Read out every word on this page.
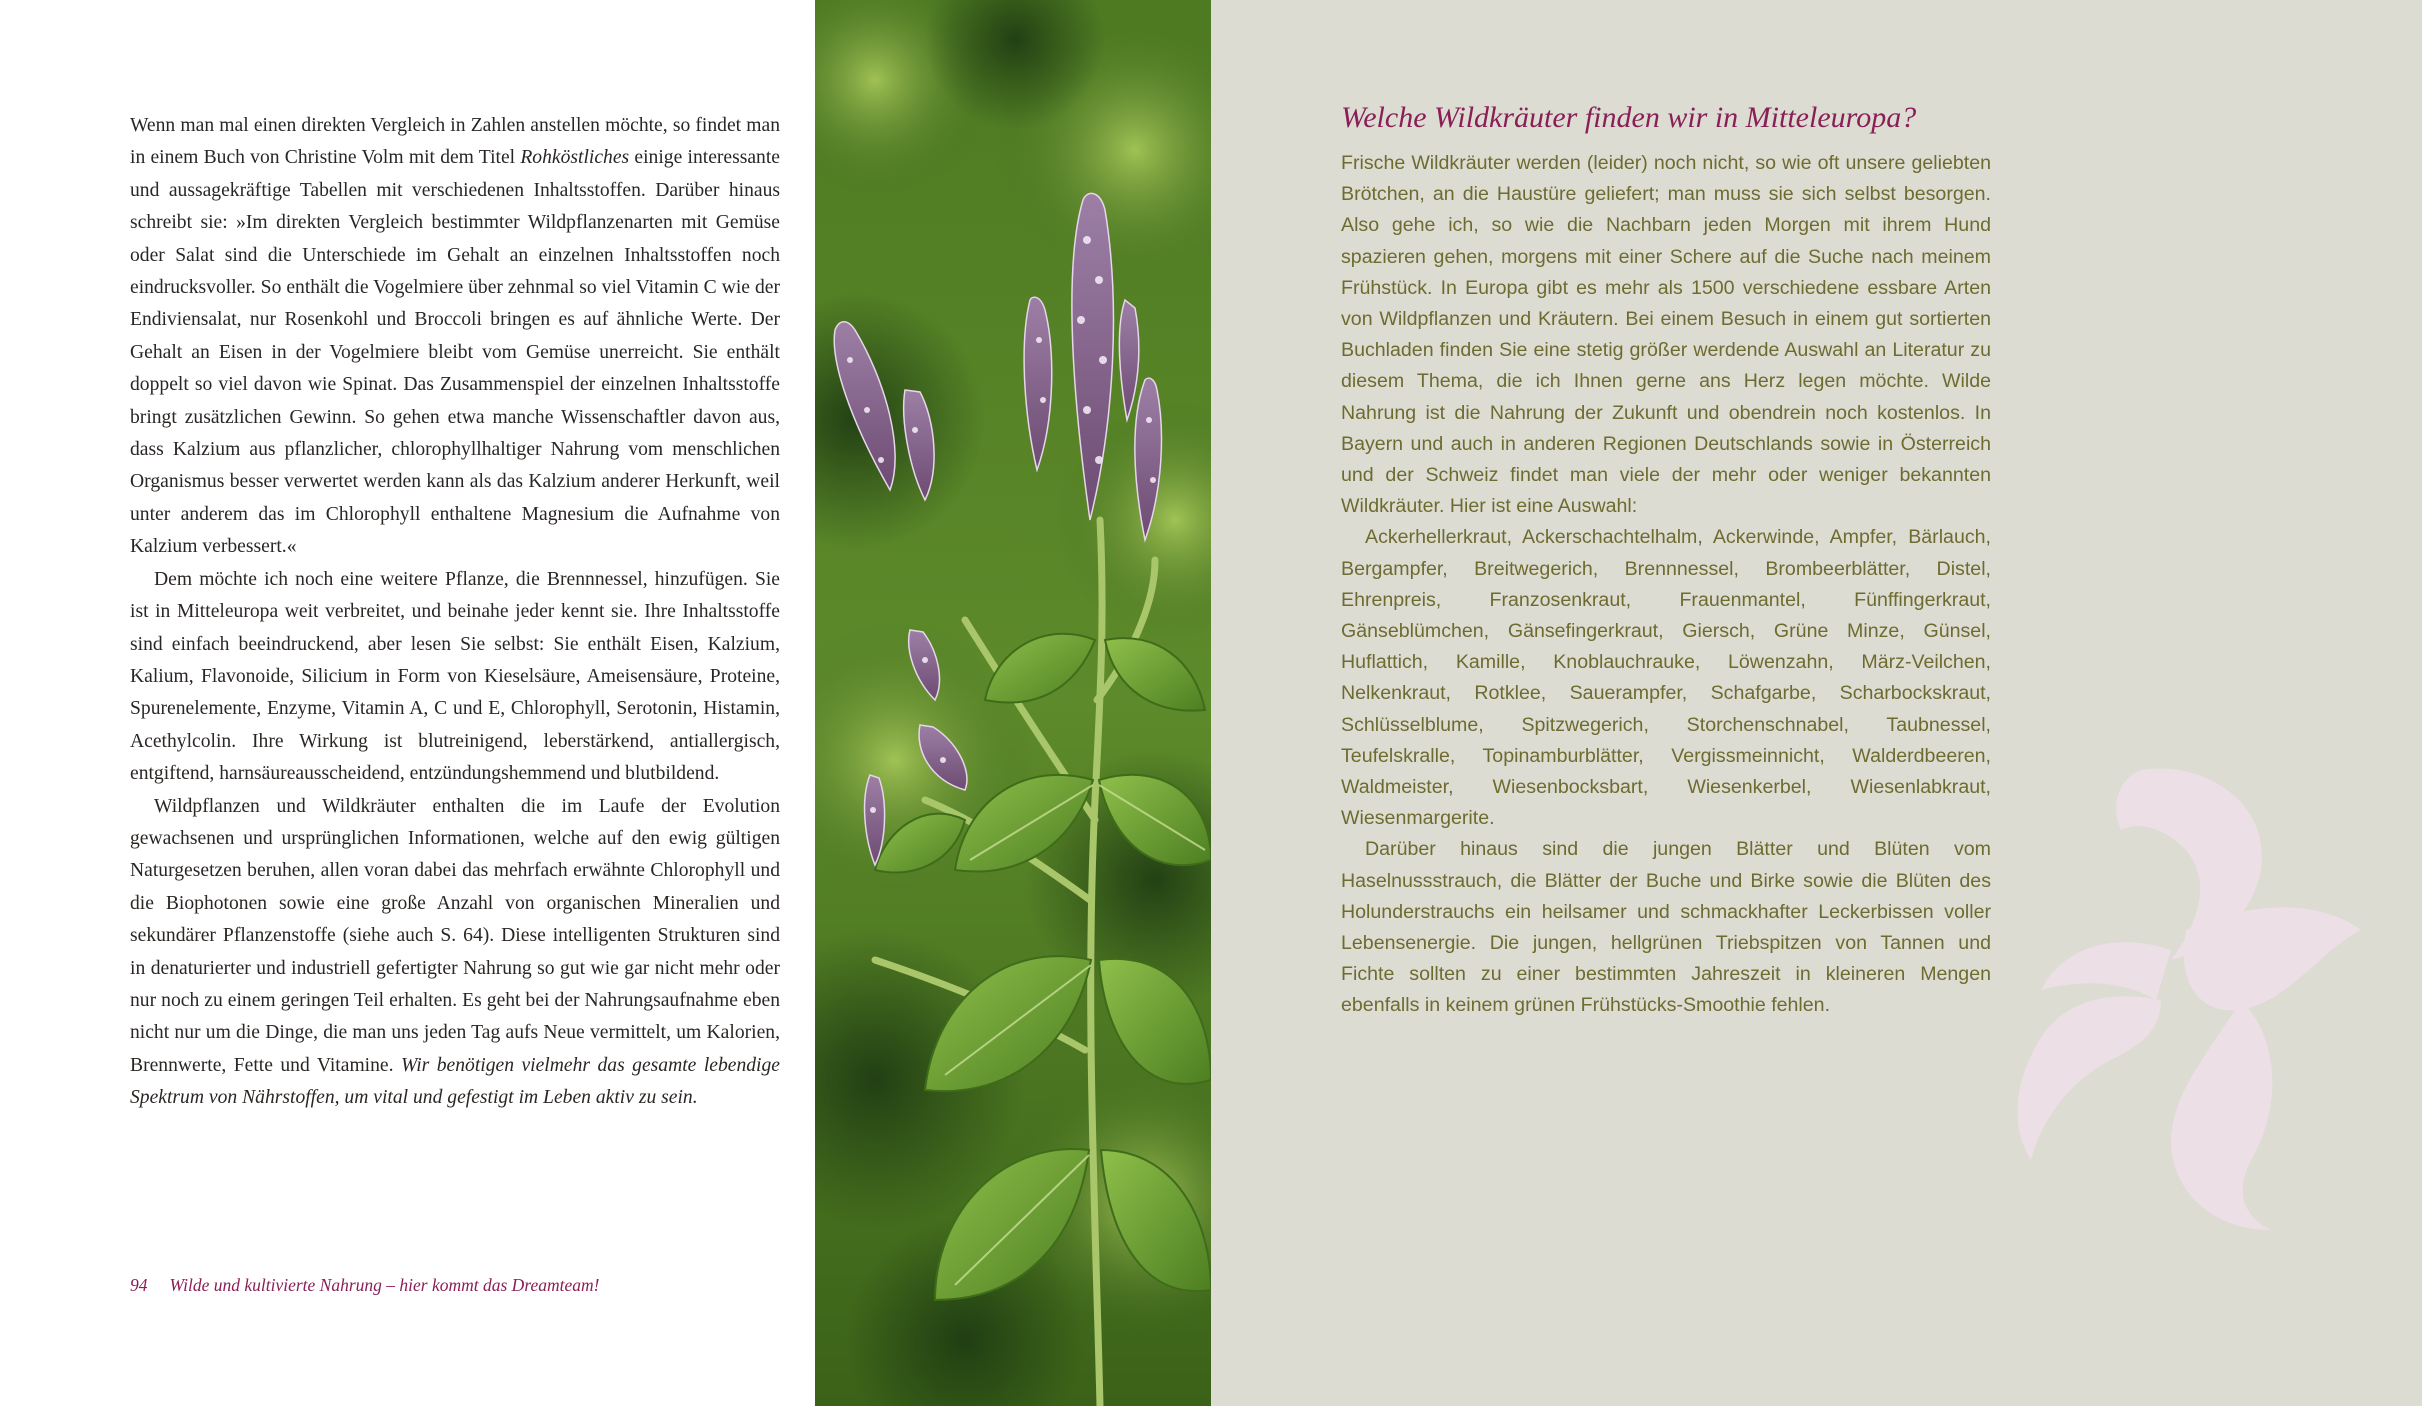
Wenn man mal einen direkten Vergleich in Zahlen anstellen möchte, so findet man in einem Buch von Christine Volm mit dem Titel Rohköstliches einige interessante und aussagekräftige Tabellen mit verschiedenen Inhaltsstoffen. Darüber hinaus schreibt sie: »Im direkten Vergleich bestimmter Wildpflanzenarten mit Gemüse oder Salat sind die Unterschiede im Gehalt an einzelnen Inhaltsstoffen noch eindrucksvoller. So enthält die Vogelmiere über zehnmal so viel Vitamin C wie der Endiviensalat, nur Rosenkohl und Broccoli bringen es auf ähnliche Werte. Der Gehalt an Eisen in der Vogelmiere bleibt vom Gemüse unerreicht. Sie enthält doppelt so viel davon wie Spinat. Das Zusammenspiel der einzelnen Inhaltsstoffe bringt zusätzlichen Gewinn. So gehen etwa manche Wissenschaftler davon aus, dass Kalzium aus pflanzlicher, chlorophyllhaltiger Nahrung vom menschlichen Organismus besser verwertet werden kann als das Kalzium anderer Herkunft, weil unter anderem das im Chlorophyll enthaltene Magnesium die Aufnahme von Kalzium verbessert.«

Dem möchte ich noch eine weitere Pflanze, die Brennnessel, hinzufügen. Sie ist in Mitteleuropa weit verbreitet, und beinahe jeder kennt sie. Ihre Inhaltsstoffe sind einfach beeindruckend, aber lesen Sie selbst: Sie enthält Eisen, Kalzium, Kalium, Flavonoide, Silicium in Form von Kieselsäure, Ameisensäure, Proteine, Spurenelemente, Enzyme, Vitamin A, C und E, Chlorophyll, Serotonin, Histamin, Acethylcolin. Ihre Wirkung ist blutreinigend, leberstärkend, antiallergisch, entgiftend, harnsäureausscheidend, entzündungshemmend und blutbildend.

Wildpflanzen und Wildkräuter enthalten die im Laufe der Evolution gewachsenen und ursprünglichen Informationen, welche auf den ewig gültigen Naturgesetzen beruhen, allen voran dabei das mehrfach erwähnte Chlorophyll und die Biophotonen sowie eine große Anzahl von organischen Mineralien und sekundärer Pflanzenstoffe (siehe auch S. 64). Diese intelligenten Strukturen sind in denaturierter und industriell gefertigter Nahrung so gut wie gar nicht mehr oder nur noch zu einem geringen Teil erhalten. Es geht bei der Nahrungsaufnahme eben nicht nur um die Dinge, die man uns jeden Tag aufs Neue vermittelt, um Kalorien, Brennwerte, Fette und Vitamine. Wir benötigen vielmehr das gesamte lebendige Spektrum von Nährstoffen, um vital und gefestigt im Leben aktiv zu sein.

94 Wilde und kultivierte Nahrung – hier kommt das Dreamteam!
Welche Wildkräuter finden wir in Mitteleuropa?

Frische Wildkräuter werden (leider) noch nicht, so wie oft unsere geliebten Brötchen, an die Haustüre geliefert; man muss sie sich selbst besorgen. Also gehe ich, so wie die Nachbarn jeden Morgen mit ihrem Hund spazieren gehen, morgens mit einer Schere auf die Suche nach meinem Frühstück. In Europa gibt es mehr als 1500 verschiedene essbare Arten von Wildpflanzen und Kräutern. Bei einem Besuch in einem gut sortierten Buchladen finden Sie eine stetig größer werdende Auswahl an Literatur zu diesem Thema, die ich Ihnen gerne ans Herz legen möchte. Wilde Nahrung ist die Nahrung der Zukunft und obendrein noch kostenlos. In Bayern und auch in anderen Regionen Deutschlands sowie in Österreich und der Schweiz findet man viele der mehr oder weniger bekannten Wildkräuter. Hier ist eine Auswahl:

Ackerhellerkraut, Ackerschachtelhalm, Ackerwinde, Ampfer, Bärlauch, Bergampfer, Breitwegerich, Brennnessel, Brombeerblätter, Distel, Ehrenpreis, Franzosenkraut, Frauenmantel, Fünffingerkraut, Gänseblümchen, Gänsefingerkraut, Giersch, Grüne Minze, Günsel, Huflattich, Kamille, Knoblauchrauke, Löwenzahn, März-Veilchen, Nelkenkraut, Rotklee, Sauerampfer, Schafgarbe, Scharbockskraut, Schlüsselblume, Spitzwegerich, Storchenschnabel, Taubnessel, Teufelskralle, Topinamburblätter, Vergissmeinnicht, Walderdbeeren, Waldmeister, Wiesenbocksbart, Wiesenkerbel, Wiesenlabkraut, Wiesenmargerite.

Darüber hinaus sind die jungen Blätter und Blüten vom Haselnussstrauch, die Blätter der Buche und Birke sowie die Blüten des Holunderstrauchs ein heilsamer und schmackhafter Leckerbissen voller Lebensenergie. Die jungen, hellgrünen Triebspitzen von Tannen und Fichte sollten zu einer bestimmten Jahreszeit in kleineren Mengen ebenfalls in keinem grünen Frühstücks-Smoothie fehlen.
